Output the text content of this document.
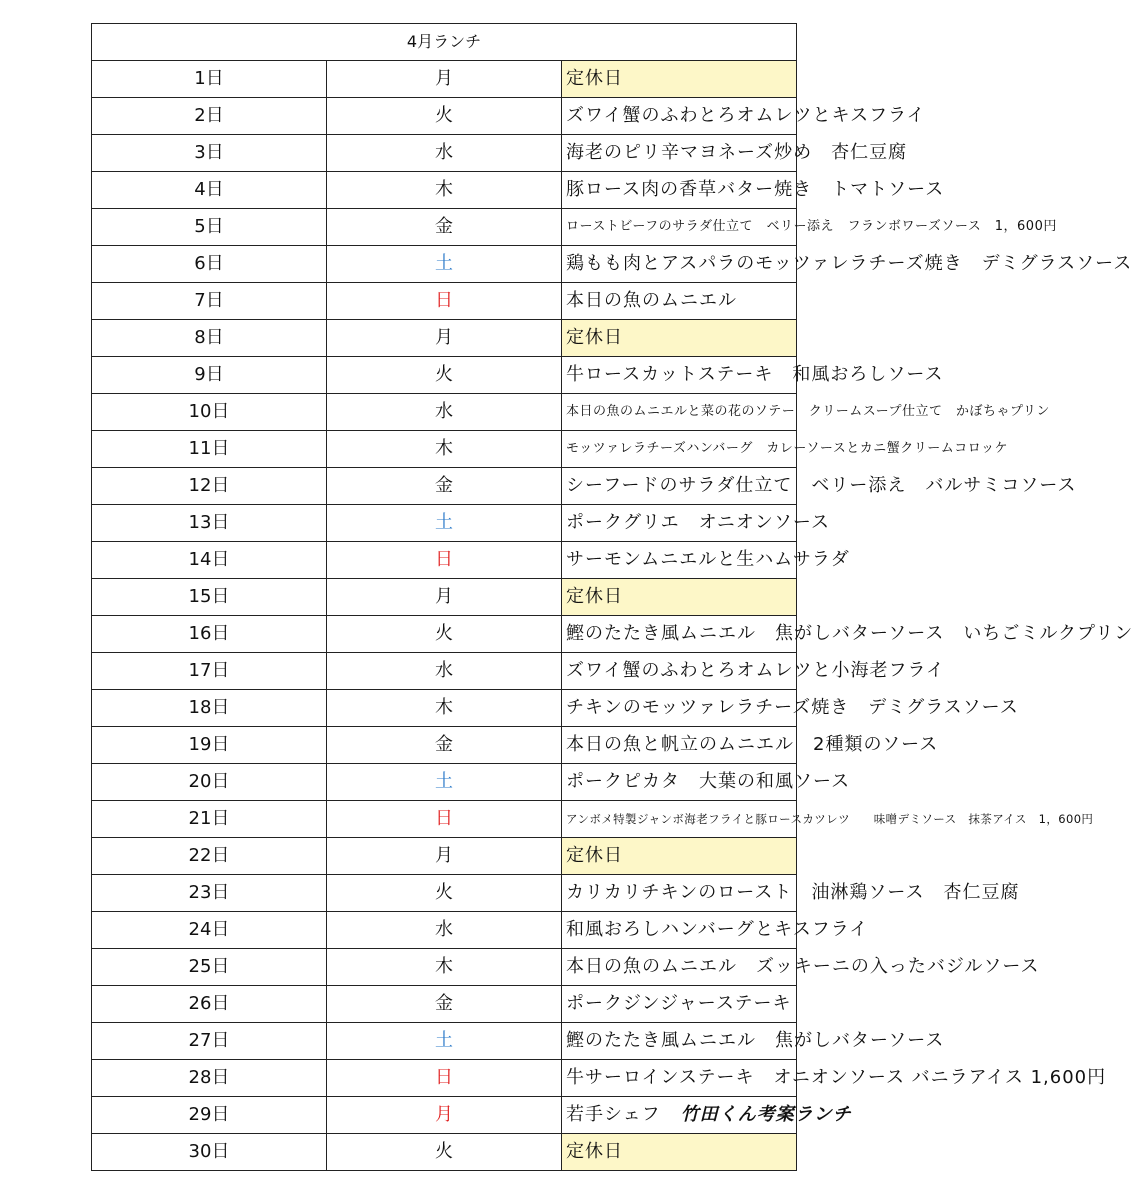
4月ランチ		
1日	月	定休日
2日	火	ズワイ蟹のふわとろオムレツとキスフライ
3日	水	海老のピリ辛マヨネーズ炒め　杏仁豆腐
4日	木	豚ロース肉の香草バター焼き　トマトソース
5日	金	ローストビーフのサラダ仕立て　ベリー添え　フランボワーズソース　1，600円
6日	土	鶏もも肉とアスパラのモッツァレラチーズ焼き　デミグラスソース
7日	日	本日の魚のムニエル
8日	月	定休日
9日	火	牛ロースカットステーキ　和風おろしソース
10日	水	本日の魚のムニエルと菜の花のソテー　クリームスープ仕立て　かぼちゃプリン
11日	木	モッツァレラチーズハンバーグ　カレーソースとカニ蟹クリームコロッケ
12日	金	シーフードのサラダ仕立て　ベリー添え　バルサミコソース
13日	土	ポークグリエ　オニオンソース
14日	日	サーモンムニエルと生ハムサラダ
15日	月	定休日
16日	火	鰹のたたき風ムニエル　焦がしバターソース　いちごミルクプリン
17日	水	ズワイ蟹のふわとろオムレツと小海老フライ
18日	木	チキンのモッツァレラチーズ焼き　デミグラスソース
19日	金	本日の魚と帆立のムニエル　2種類のソース
20日	土	ポークピカタ　大葉の和風ソース
21日	日	アンボメ特製ジャンボ海老フライと豚ロースカツレツ　　味噌デミソース　抹茶アイス　1，600円
22日	月	定休日
23日	火	カリカリチキンのロースト　油淋鶏ソース　杏仁豆腐
24日	水	和風おろしハンバーグとキスフライ
25日	木	本日の魚のムニエル　ズッキーニの入ったバジルソース
26日	金	ポークジンジャーステーキ
27日	土	鰹のたたき風ムニエル　焦がしバターソース
28日	日	牛サーロインステーキ　オニオンソース バニラアイス 1,600円
29日	月	若手シェフ 竹田くん考案ランチ
30日	火	定休日
